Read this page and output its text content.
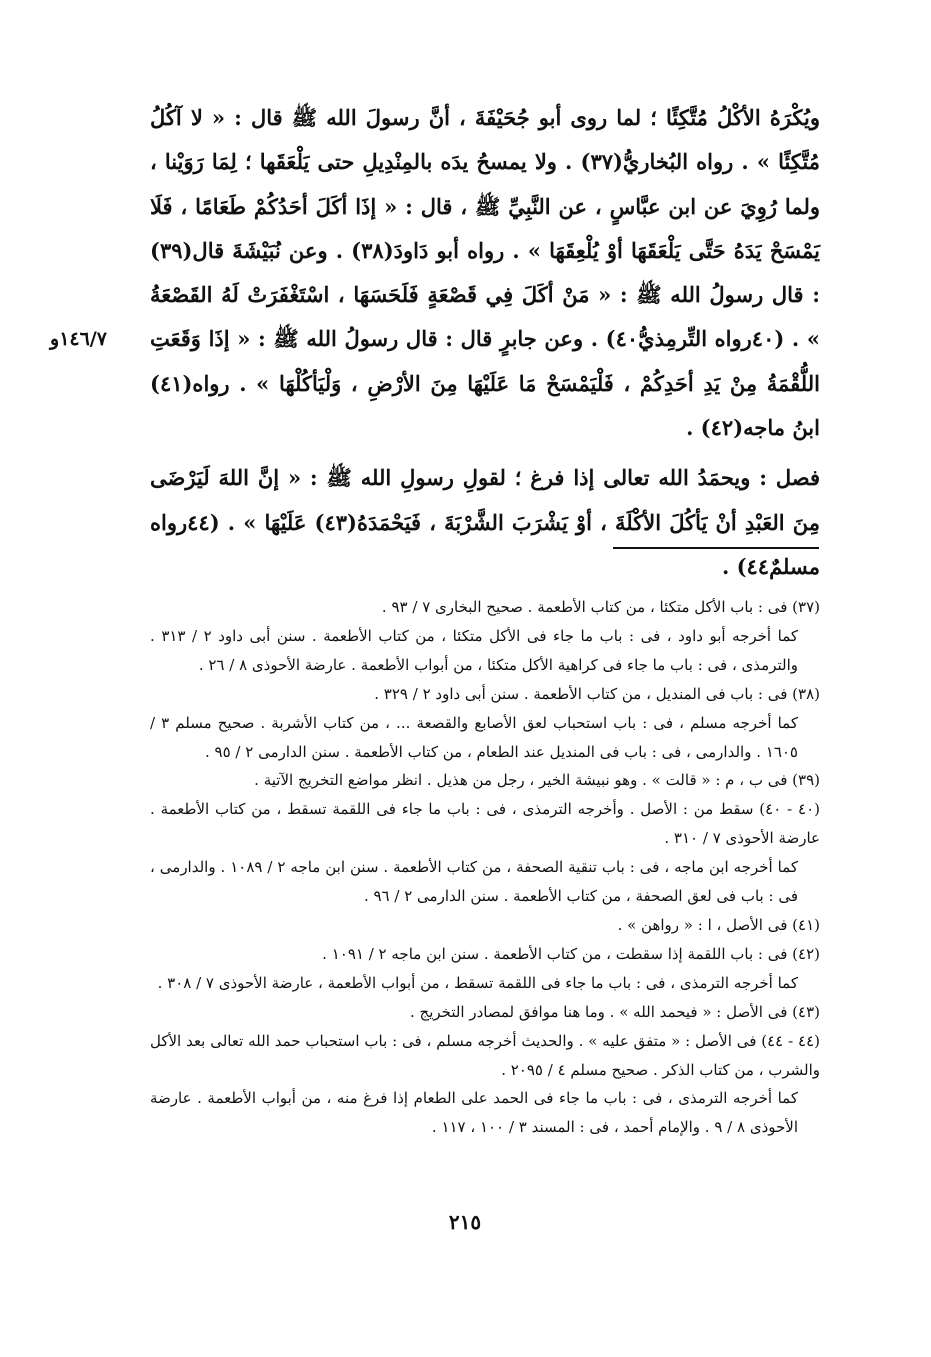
ويُكْرَهُ الأكْلُ مُتَّكِئًا ؛ لما روى أبو جُحَيْفَةَ ، أنَّ رسولَ الله ﷺ قال : « لا آكُلُ مُتَّكِئًا » . رواه البُخاريُّ(٣٧) . ولا يمسحُ يدَه بالمِنْدِيلِ حتى يَلْعَقَها ؛ لِمَا رَوَيْنا ، ولما رُوِيَ عن ابن عبَّاسٍ ، عن النَّبِيِّ ﷺ ، قال : « إذَا أكَلَ أحَدُكُمْ طَعَامًا ، فَلَا يَمْسَحْ يَدَهُ حَتَّى يَلْعَقَهَا أوْ يُلْعِقَهَا » . رواه أبو دَاودَ(٣٨) . وعن نُبَيْشَةَ قال(٣٩) : قال رسولُ الله ﷺ : « مَنْ أكَلَ فِي قَصْعَةٍ فَلَحَسَهَا ، اسْتَغْفَرَتْ لَهُ القَصْعَةُ » . (٤٠رواه التِّرمِذيُّ٤٠) . وعن جابرٍ قال : قال رسولُ الله ﷺ : « إذَا وَقَعَتِ اللُّقْمَةُ مِنْ يَدِ أحَدِكُمْ ، فَلْيَمْسَحْ مَا عَلَيْهَا مِنَ الأرْضِ ، وَلْيَأكُلْهَا » . رواه(٤١) ابنُ ماجه(٤٢) .

فصل : ويحمَدُ الله تعالى إذا فرغ ؛ لقولِ رسولِ الله ﷺ : « إنَّ اللهَ لَيَرْضَى مِنَ العَبْدِ أنْ يَأكُلَ الأكْلَةَ ، أوْ يَشْرَبَ الشَّرْبَةَ ، فَيَحْمَدَهُ(٤٣) عَلَيْهَا » . (٤٤رواه مسلمٌ٤٤) .

١٤٦/٧و

(٣٧) فى : باب الأكل متكئا ، من كتاب الأطعمة . صحيح البخارى ٧ / ٩٣ .

كما أخرجه أبو داود ، فى : باب ما جاء فى الأكل متكئا ، من كتاب الأطعمة . سنن أبى داود ٢ / ٣١٣ . والترمذى ، فى : باب ما جاء فى كراهية الأكل متكئا ، من أبواب الأطعمة . عارضة الأحوذى ٨ / ٢٦ .

(٣٨) فى : باب فى المنديل ، من كتاب الأطعمة . سنن أبى داود ٢ / ٣٢٩ .

كما أخرجه مسلم ، فى : باب استحباب لعق الأصابع والقصعة ... ، من كتاب الأشربة . صحيح مسلم ٣ / ١٦٠٥ . والدارمى ، فى : باب فى المنديل عند الطعام ، من كتاب الأطعمة . سنن الدارمى ٢ / ٩٥ .

(٣٩) فى ب ، م : « قالت » . وهو نبيشة الخير ، رجل من هذيل . انظر مواضع التخريج الآتية .

(٤٠ - ٤٠) سقط من : الأصل . وأخرجه الترمذى ، فى : باب ما جاء فى اللقمة تسقط ، من كتاب الأطعمة . عارضة الأحوذى ٧ / ٣١٠ .

كما أخرجه ابن ماجه ، فى : باب تنقية الصحفة ، من كتاب الأطعمة . سنن ابن ماجه ٢ / ١٠٨٩ . والدارمى ، فى : باب فى لعق الصحفة ، من كتاب الأطعمة . سنن الدارمى ٢ / ٩٦ .

(٤١) فى الأصل ، ا : « رواهن » .

(٤٢) فى : باب اللقمة إذا سقطت ، من كتاب الأطعمة . سنن ابن ماجه ٢ / ١٠٩١ .

كما أخرجه الترمذى ، فى : باب ما جاء فى اللقمة تسقط ، من أبواب الأطعمة ، عارضة الأحوذى ٧ / ٣٠٨ .

(٤٣) فى الأصل : « فيحمد الله » . وما هنا موافق لمصادر التخريج .

(٤٤ - ٤٤) فى الأصل : « متفق عليه » . والحديث أخرجه مسلم ، فى : باب استحباب حمد الله تعالى بعد الأكل والشرب ، من كتاب الذكر . صحيح مسلم ٤ / ٢٠٩٥ .

كما أخرجه الترمذى ، فى : باب ما جاء فى الحمد على الطعام إذا فرغ منه ، من أبواب الأطعمة . عارضة الأحوذى ٨ / ٩ . والإمام أحمد ، فى : المسند ٣ / ١٠٠ ، ١١٧ .

٢١٥
